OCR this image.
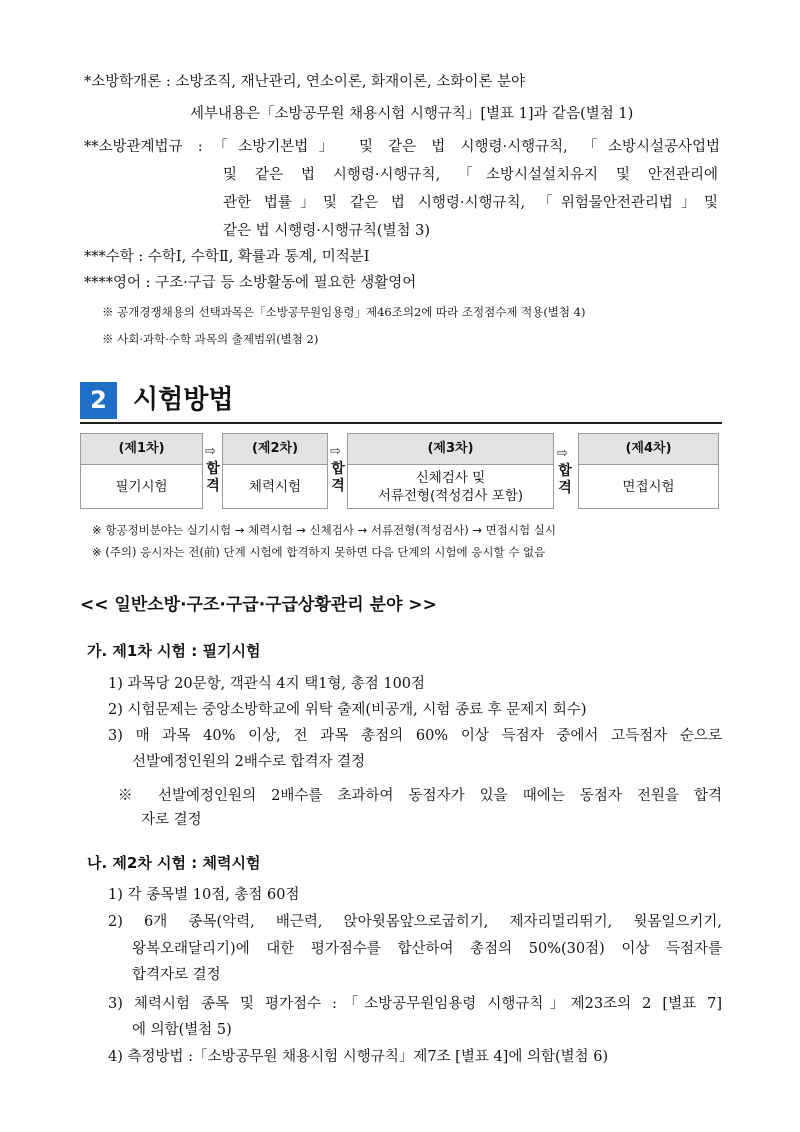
*소방학개론 : 소방조직, 재난관리, 연소이론, 화재이론, 소화이론 분야
세부내용은「소방공무원 채용시험 시행규칙」[별표 1]과 같음(별첨 1)
**소방관계법규 :「소방기본법」 및 같은 법 시행령·시행규칙, 「소방시설공사업법
및 같은 법 시행령·시행규칙, 「소방시설설치유지 및 안전관리에
관한 법률」및 같은 법 시행령·시행규칙, 「위험물안전관리법」및
같은 법 시행령·시행규칙(별첨 3)
***수학 : 수학Ⅰ, 수학Ⅱ, 확률과 통계, 미적분Ⅰ
****영어 : 구조·구급 등 소방활동에 필요한 생활영어
※ 공개경쟁채용의 선택과목은「소방공무원임용령」제46조의2에 따라 조정점수제 적용(별첨 4)
※ 사회·과학·수학 과목의 출제범위(별첨 2)
2	시험방법
(제1차)
필기시험
⇨
합격
(제2차)
체력시험
⇨
합격
(제3차)
신체검사 및
서류전형(적성검사 포함)
⇨
합격
(제4차)
면접시험
※ 항공정비분야는 실기시험 → 체력시험 → 신체검사 → 서류전형(적성검사) → 면접시험 실시
※ (주의) 응시자는 전(前) 단계 시험에 합격하지 못하면 다음 단계의 시험에 응시할 수 없음
<< 일반소방·구조·구급·구급상황관리 분야 >>
가. 제1차 시험 : 필기시험
1) 과목당 20문항, 객관식 4지 택1형, 총점 100점
2) 시험문제는 중앙소방학교에 위탁 출제(비공개, 시험 종료 후 문제지 회수)
3) 매 과목 40% 이상, 전 과목 총점의 60% 이상 득점자 중에서 고득점자 순으로
선발예정인원의 2배수로 합격자 결정
※ 선발예정인원의 2배수를 초과하여 동점자가 있을 때에는 동점자 전원을 합격
자로 결정
나. 제2차 시험 : 체력시험
1) 각 종목별 10점, 총점 60점
2) 6개 종목(악력, 배근력, 앉아윗몸앞으로굽히기, 제자리멀리뛰기, 윗몸일으키기,
왕복오래달리기)에 대한 평가점수를 합산하여 총점의 50%(30점) 이상 득점자를
합격자로 결정
3) 체력시험 종목 및 평가점수 :「소방공무원임용령 시행규칙」제23조의 2 [별표 7]
에 의함(별첨 5)
4) 측정방법 :「소방공무원 채용시험 시행규칙」제7조 [별표 4]에 의함(별첨 6)
